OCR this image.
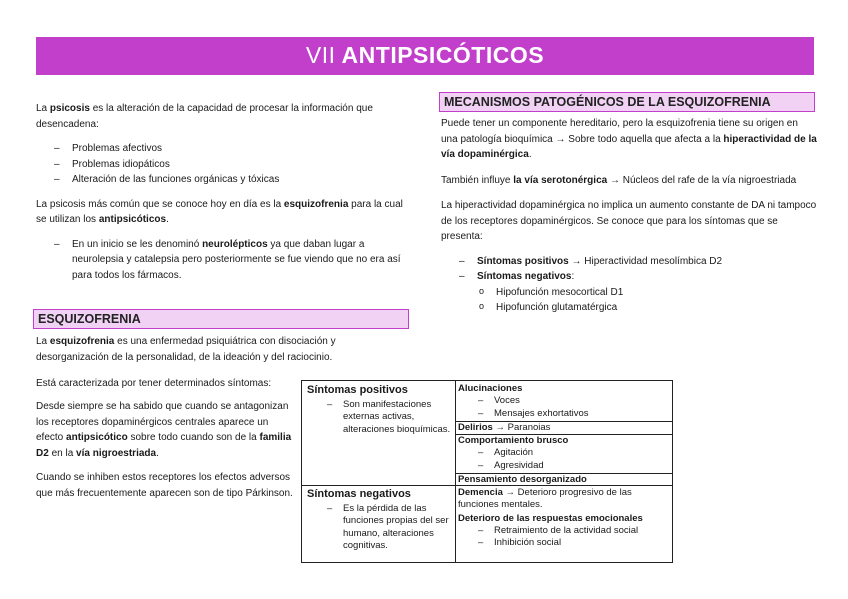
VII ANTIPSICÓTICOS

La psicosis es la alteración de la capacidad de procesar la información que desencadena:

– Problemas afectivos
– Problemas idiopáticos
– Alteración de las funciones orgánicas y tóxicas

La psicosis más común que se conoce hoy en día es la esquizofrenia para la cual se utilizan los antipsicóticos.

– En un inicio se les denominó neurolépticos ya que daban lugar a neurolepsia y catalepsia pero posteriormente se fue viendo que no era así para todos los fármacos.
ESQUIZOFRENIA

La esquizofrenia es una enfermedad psiquiátrica con disociación y desorganización de la personalidad, de la ideación y del raciocinio.

Está caracterizada por tener determinados síntomas:

Desde siempre se ha sabido que cuando se antagonizan los receptores dopaminérgicos centrales aparece un efecto antipsicótico sobre todo cuando son de la familia D2 en la vía nigroestriada.

Cuando se inhiben estos receptores los efectos adversos que más frecuentemente aparecen son de tipo Párkinson.

MECANISMOS PATOGÉNICOS DE LA ESQUIZOFRENIA

Puede tener un componente hereditario, pero la esquizofrenia tiene su origen en una patología bioquímica → Sobre todo aquella que afecta a la hiperactividad de la vía dopaminérgica.

También influye la vía serotonérgica → Núcleos del rafe de la vía nigroestriada

La hiperactividad dopaminérgica no implica un aumento constante de DA ni tampoco de los receptores dopaminérgicos. Se conoce que para los síntomas que se presenta:

– Síntomas positivos → Hiperactividad mesolímbica D2
– Síntomas negativos:
o Hipofunción mesocortical D1
o Hipofunción glutamatérgica
Síntomas positivos
– Son manifestaciones externas activas, alteraciones bioquímicas.
Alucinaciones
– Voces
– Mensajes exhortativos
Delirios → Paranoias
Comportamiento brusco
– Agitación
– Agresividad
Pensamiento desorganizado
Síntomas negativos
– Es la pérdida de las funciones propias del ser humano, alteraciones cognitivas.
Demencia → Deterioro progresivo de las funciones mentales.
Deterioro de las respuestas emocionales
– Retraimiento de la actividad social
– Inhibición social
